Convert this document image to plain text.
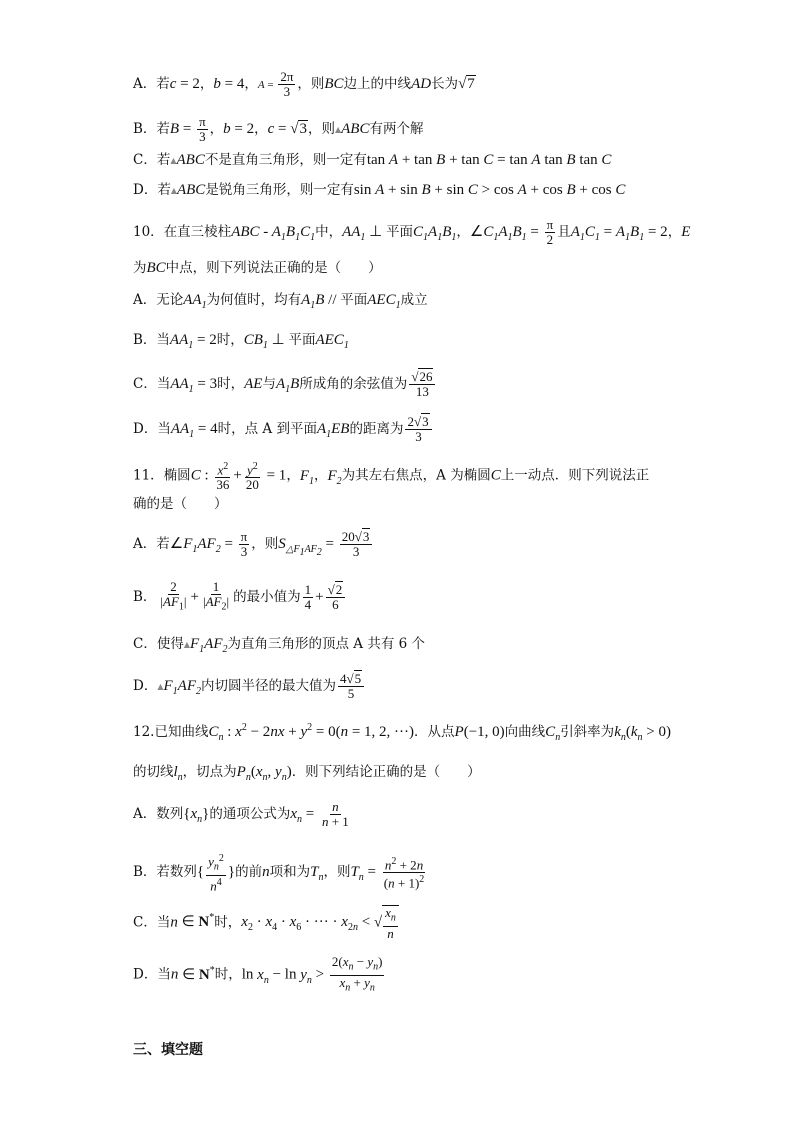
A．若c = 2，b = 4，$A = \frac{2\pi}{3}$ ，则BC边上的中线AD长为√7
B．若$B = \frac{\pi}{3}$ ，b = 2，c = √3，则▲ABC有两个解
C．若▲ABC不是直角三角形，则一定有tan A + tan B + tan C = tan A tan B tan C
D．若▲ABC是锐角三角形，则一定有sin A + sin B + sin C > cos A + cos B + cos C
10．在直三棱柱ABC - $A_1B_1C_1$中，$AA_1$ ⊥ 平面$C_1A_1B_1$，$\angle C_1A_1B_1 = \frac{\pi}{2}$ 且$A_1C_1 = A_1B_1 = 2$，E
为BC中点，则下列说法正确的是（　　）
A．无论$AA_1$为何值时，均有$A_1B$ // 平面$AEC_1$成立
B．当$AA_1 = 2$时，$CB_1$ ⊥ 平面$AEC_1$
C．当$AA_1 = 3$时，AE与$A_1B$所成角的余弦值为 $\frac{√26}{13}$
D．当$AA_1 = 4$时，点 A 到平面$A_1EB$的距离为 $\frac{2√3}{3}$
11．椭圆C : $\frac{x^2}{36} + \frac{y^2}{20} = 1$，$F_1$，$F_2$为其左右焦点，A 为椭圆C上一动点．则下列说法正
确的是（　　）
A．若$\angle F_1AF_2 = \frac{\pi}{3}$ ，则$S_{\triangle F_1AF_2} = \frac{20√3}{3}$
B． $\frac{2}{|AF_1|} + \frac{1}{|AF_2|}$ 的最小值为 $\frac{1}{4} + \frac{√2}{6}$
C．使得$▲F_1AF_2$为直角三角形的顶点 A 共有 6 个
D．$▲F_1AF_2$内切圆半径的最大值为 $\frac{4√5}{5}$
12.已知曲线$C_n$ : $x^2 - 2nx + y^2 = 0(n = 1$, 2, ···)．从点P(−1, 0)向曲线$C_n$引斜率为$k_n(k_n > 0)$
的切线$l_n$，切点为$P_n(x_n$, $y_n$)．则下列结论正确的是（　　）
A．数列$\{x_n\}$的通项公式为$x_n = \frac{n}{n + 1}$
B．若数列{ $\frac{y_n^2}{n^4}$ }的前n项和为$T_n$，则$T_n = \frac{n^2 + 2n}{(n + 1)^2}$
C．当n ∈ N*时，$x_2 \cdot x_4 \cdot x_6$ · ··· · $x_{2n}$ < √ $\frac{x_n}{n}$
D．当n ∈ N*时，$\ln x_n - \ln y_n > \frac{2(x_n - y_n)}{x_n + y_n}$
三、填空题
